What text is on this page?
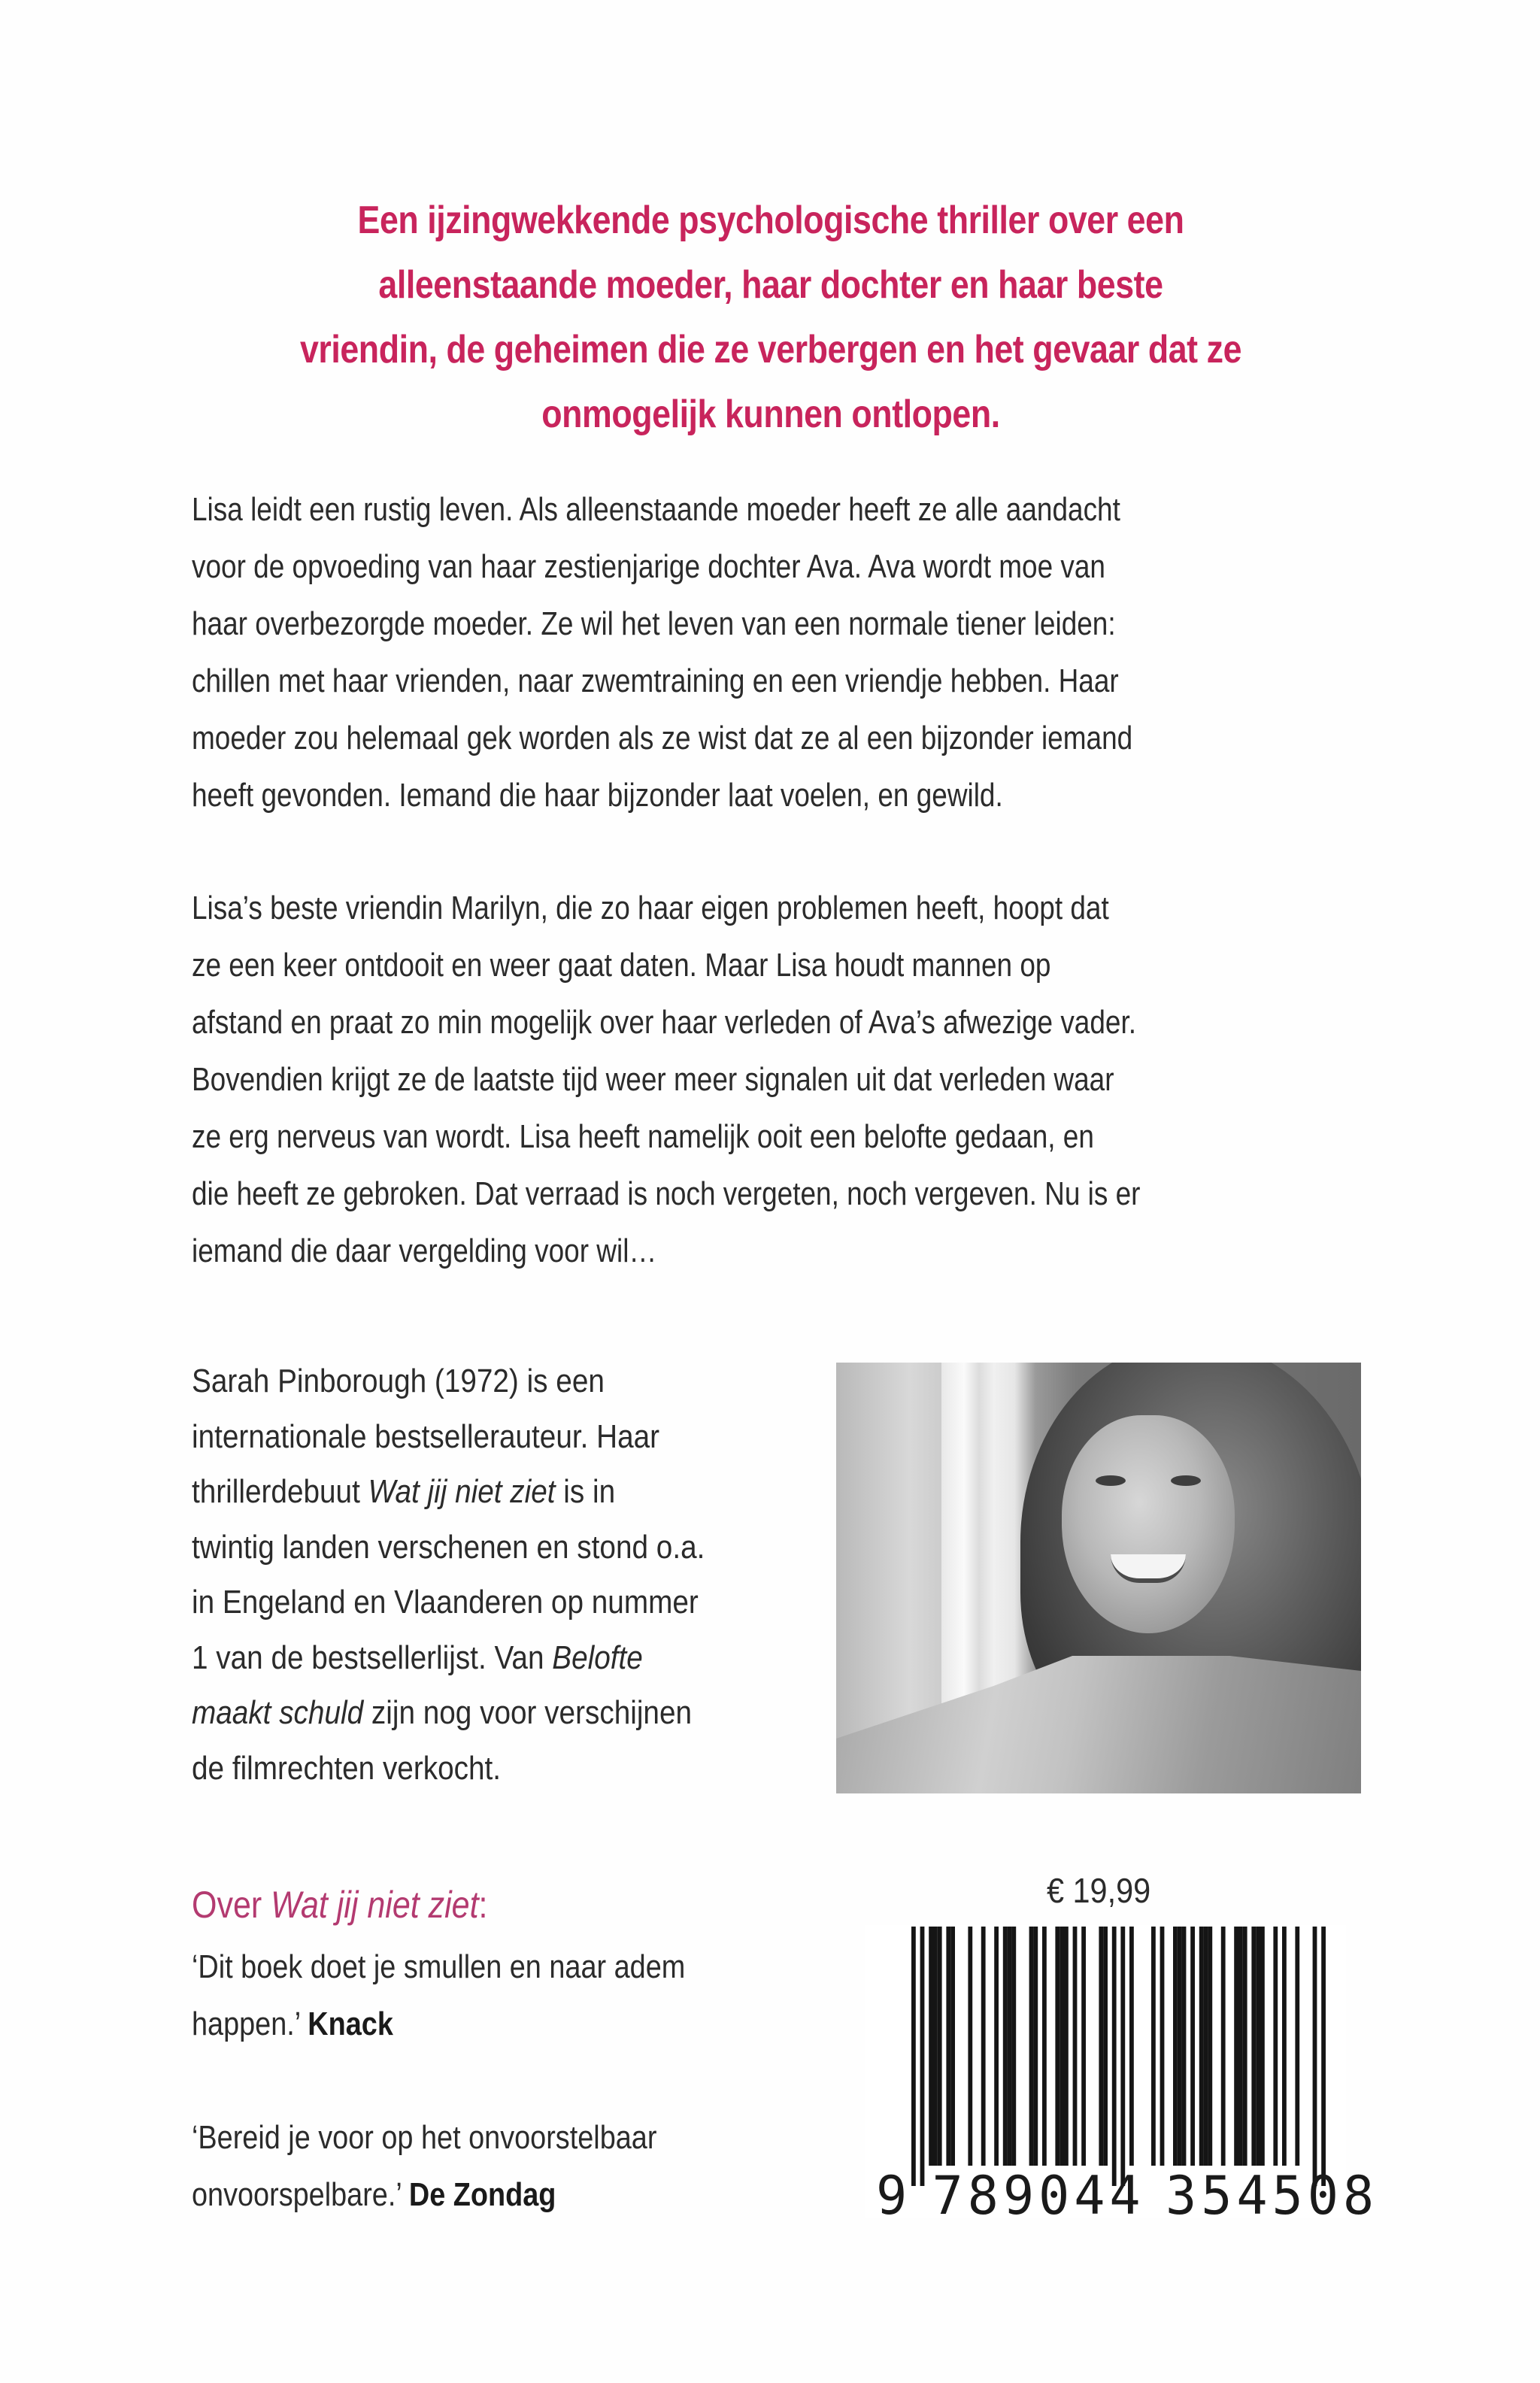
Een ijzingwekkende psychologische thriller over een
alleenstaande moeder, haar dochter en haar beste
vriendin, de geheimen die ze verbergen en het gevaar dat ze
onmogelijk kunnen ontlopen.
Lisa leidt een rustig leven. Als alleenstaande moeder heeft ze alle aandacht
voor de opvoeding van haar zestienjarige dochter Ava. Ava wordt moe van
haar overbezorgde moeder. Ze wil het leven van een normale tiener leiden:
chillen met haar vrienden, naar zwemtraining en een vriendje hebben. Haar
moeder zou helemaal gek worden als ze wist dat ze al een bijzonder iemand
heeft gevonden. Iemand die haar bijzonder laat voelen, en gewild.
Lisa’s beste vriendin Marilyn, die zo haar eigen problemen heeft, hoopt dat
ze een keer ontdooit en weer gaat daten. Maar Lisa houdt mannen op
afstand en praat zo min mogelijk over haar verleden of Ava’s afwezige vader.
Bovendien krijgt ze de laatste tijd weer meer signalen uit dat verleden waar
ze erg nerveus van wordt. Lisa heeft namelijk ooit een belofte gedaan, en
die heeft ze gebroken. Dat verraad is noch vergeten, noch vergeven. Nu is er
iemand die daar vergelding voor wil…
Sarah Pinborough (1972) is een
internationale bestsellerauteur. Haar
thrillerdebuut Wat jij niet ziet is in
twintig landen verschenen en stond o.a.
in Engeland en Vlaanderen op nummer
1 van de bestsellerlijst. Van Belofte
maakt schuld zijn nog voor verschijnen
de filmrechten verkocht.
Over Wat jij niet ziet:
‘Dit boek doet je smullen en naar adem
happen.’ Knack
‘Bereid je voor op het onvoorstelbaar
onvoorspelbare.’ De Zondag
€ 19,99
9 789044 354508
